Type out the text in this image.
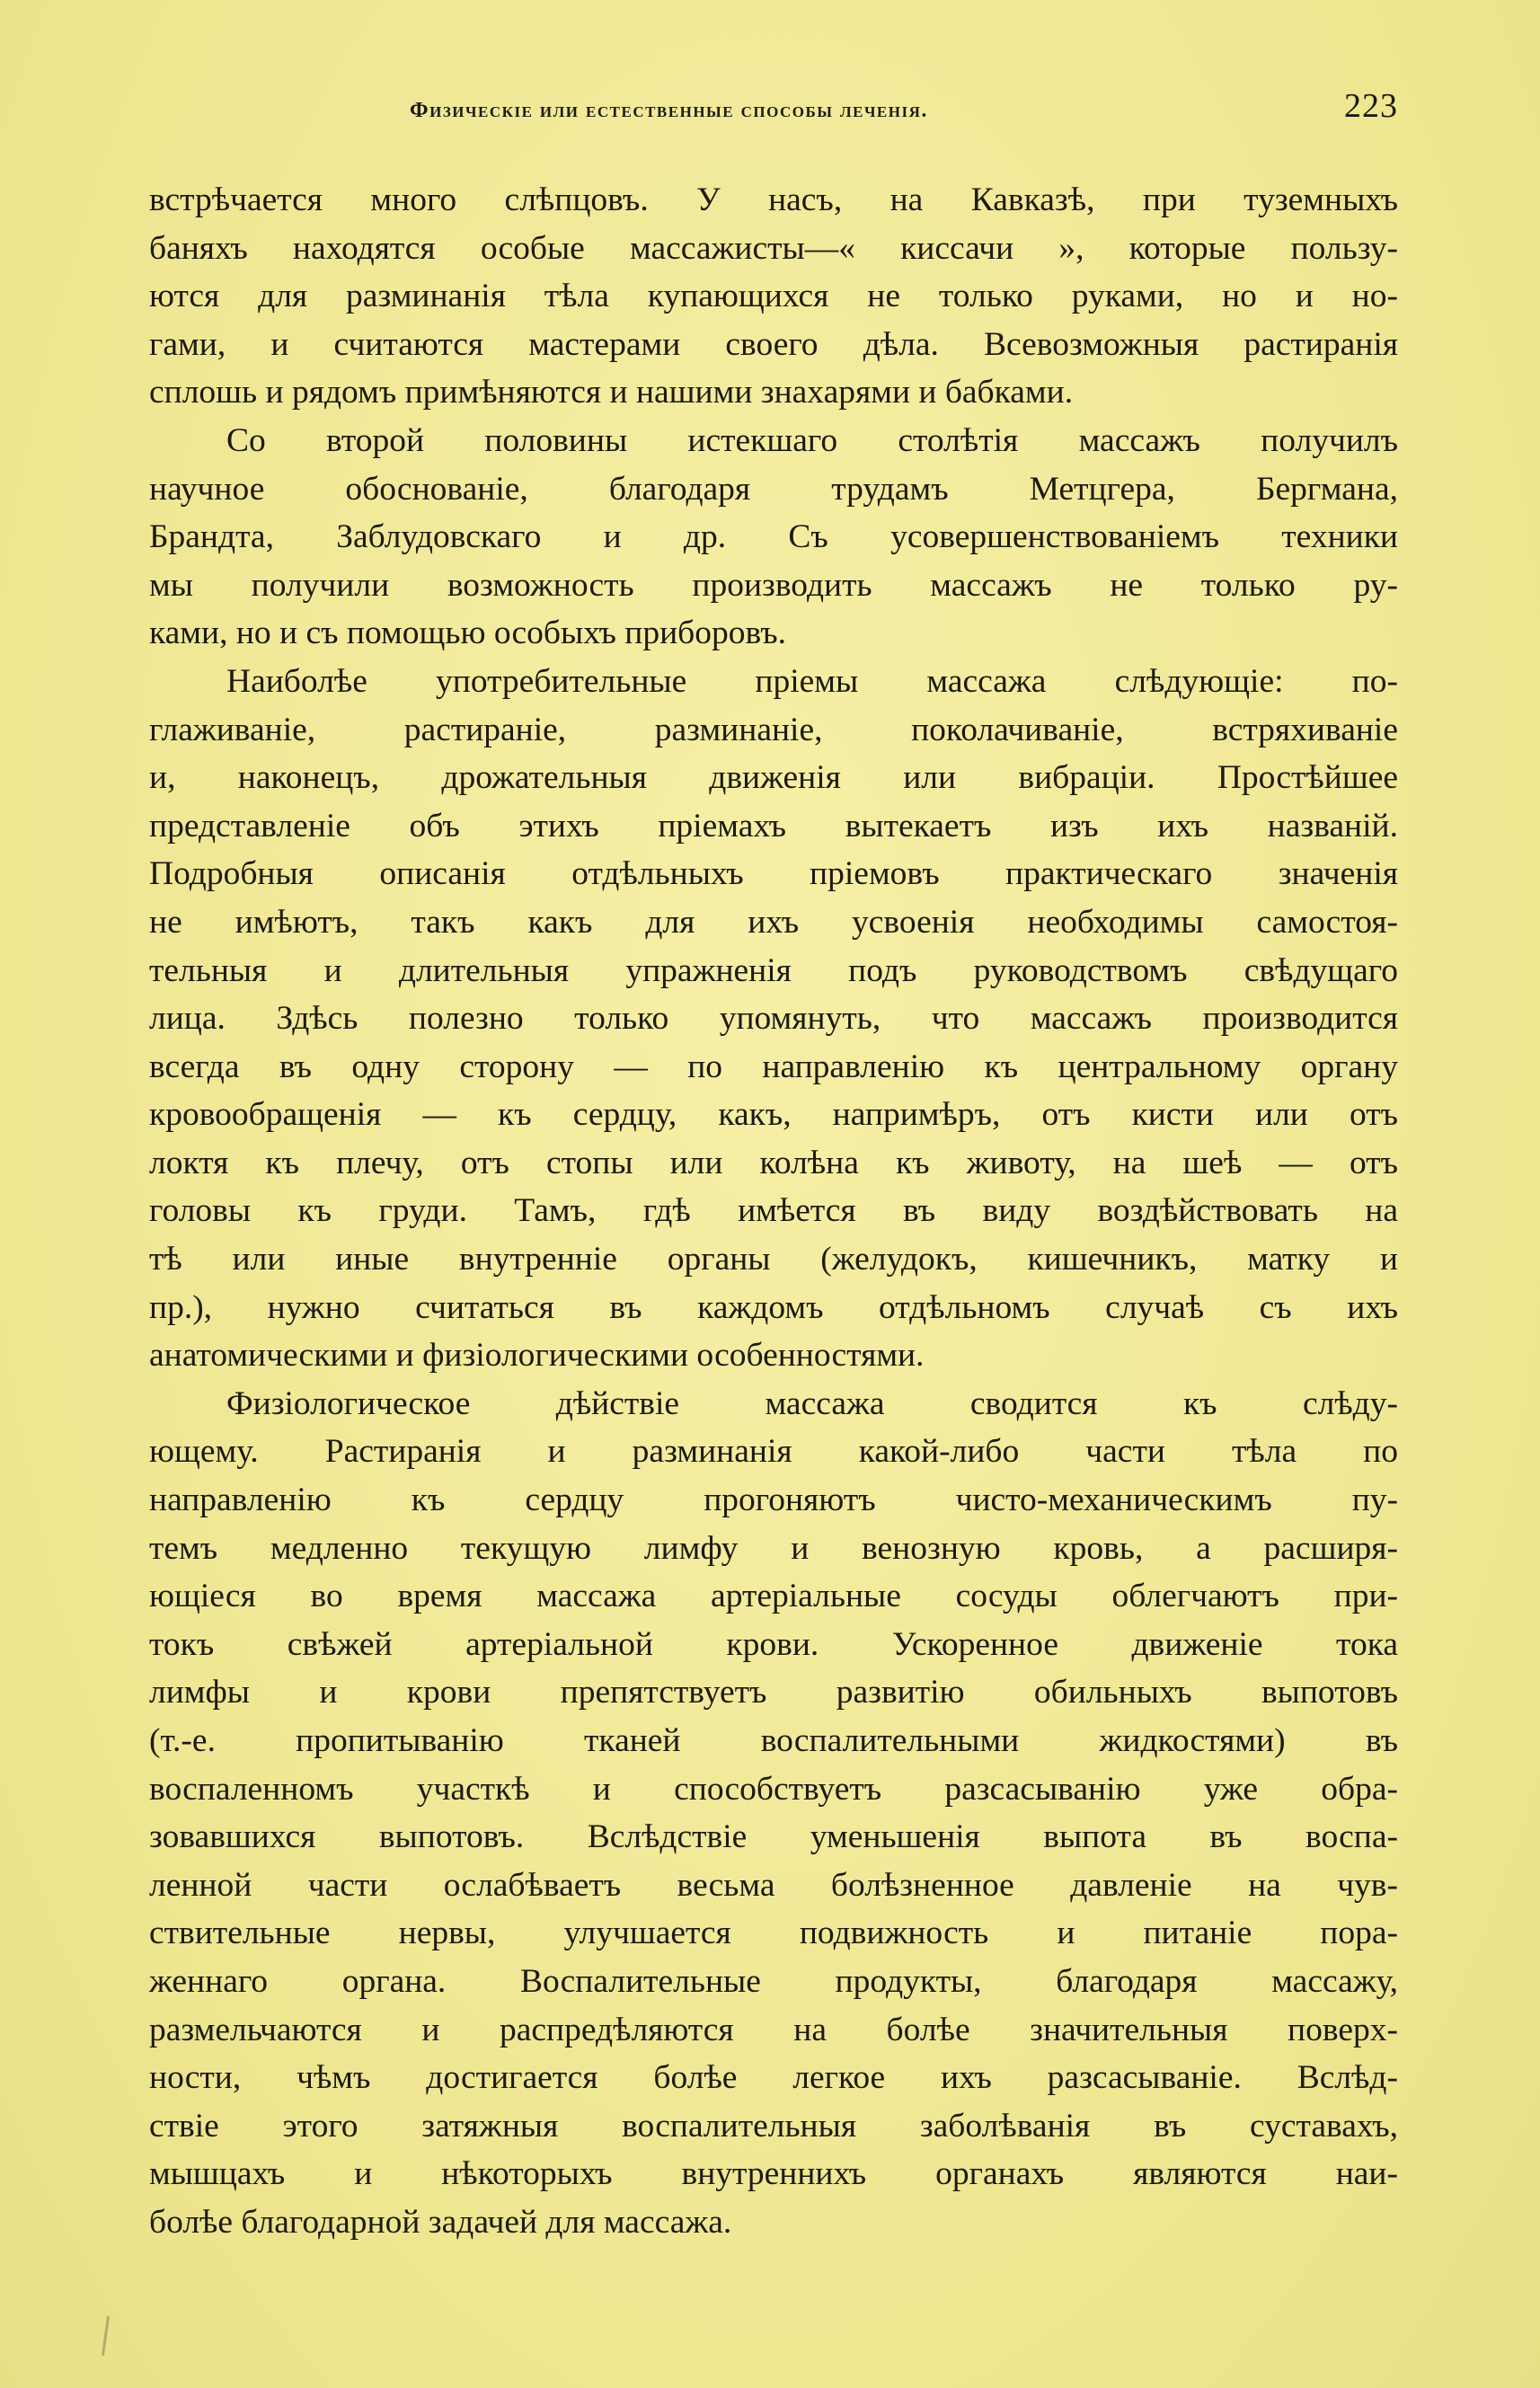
Физическіе или естественные способы леченія.	223
встрѣчается много слѣпцовъ. У насъ, на Кавказѣ, при туземныхъ
баняхъ находятся особые массажисты—« киссачи », которые пользу-
ются для разминанія тѣла купающихся не только руками, но и но-
гами, и считаются мастерами своего дѣла. Всевозможныя растиранія
сплошь и рядомъ примѣняются и нашими знахарями и бабками.
Со второй половины истекшаго столѣтія массажъ получилъ
научное обоснованіе, благодаря трудамъ Метцгера, Бергмана,
Брандта, Заблудовскаго и др. Съ усовершенствованіемъ техники
мы получили возможность производить массажъ не только ру-
ками, но и съ помощью особыхъ приборовъ.
Наиболѣе употребительные пріемы массажа слѣдующіе: по-
глаживаніе, растираніе, разминаніе, поколачиваніе, встряхиваніе
и, наконецъ, дрожательныя движенія или вибраціи. Простѣйшее
представленіе объ этихъ пріемахъ вытекаетъ изъ ихъ названій.
Подробныя описанія отдѣльныхъ пріемовъ практическаго значенія
не имѣютъ, такъ какъ для ихъ усвоенія необходимы самостоя-
тельныя и длительныя упражненія подъ руководствомъ свѣдущаго
лица. Здѣсь полезно только упомянуть, что массажъ производится
всегда въ одну сторону — по направленію къ центральному органу
кровообращенія — къ сердцу, какъ, напримѣръ, отъ кисти или отъ
локтя къ плечу, отъ стопы или колѣна къ животу, на шеѣ — отъ
головы къ груди. Тамъ, гдѣ имѣется въ виду воздѣйствовать на
тѣ или иные внутренніе органы (желудокъ, кишечникъ, матку и
пр.), нужно считаться въ каждомъ отдѣльномъ случаѣ съ ихъ
анатомическими и физіологическими особенностями.
Физіологическое дѣйствіе массажа сводится къ слѣду-
ющему. Растиранія и разминанія какой-либо части тѣла по
направленію къ сердцу прогоняютъ чисто-механическимъ пу-
темъ медленно текущую лимфу и венозную кровь, а расширя-
ющіеся во время массажа артеріальные сосуды облегчаютъ при-
токъ свѣжей артеріальной крови. Ускоренное движеніе тока
лимфы и крови препятствуетъ развитію обильныхъ выпотовъ
(т.-е. пропитыванію тканей воспалительными жидкостями) въ
воспаленномъ участкѣ и способствуетъ разсасыванію уже обра-
зовавшихся выпотовъ. Вслѣдствіе уменьшенія выпота въ воспа-
ленной части ослабѣваетъ весьма болѣзненное давленіе на чув-
ствительные нервы, улучшается подвижность и питаніе пора-
женнаго органа. Воспалительные продукты, благодаря массажу,
размельчаются и распредѣляются на болѣе значительныя поверх-
ности, чѣмъ достигается болѣе легкое ихъ разсасываніе. Вслѣд-
ствіе этого затяжныя воспалительныя заболѣванія въ суставахъ,
мышцахъ и нѣкоторыхъ внутреннихъ органахъ являются наи-
болѣе благодарной задачей для массажа.
